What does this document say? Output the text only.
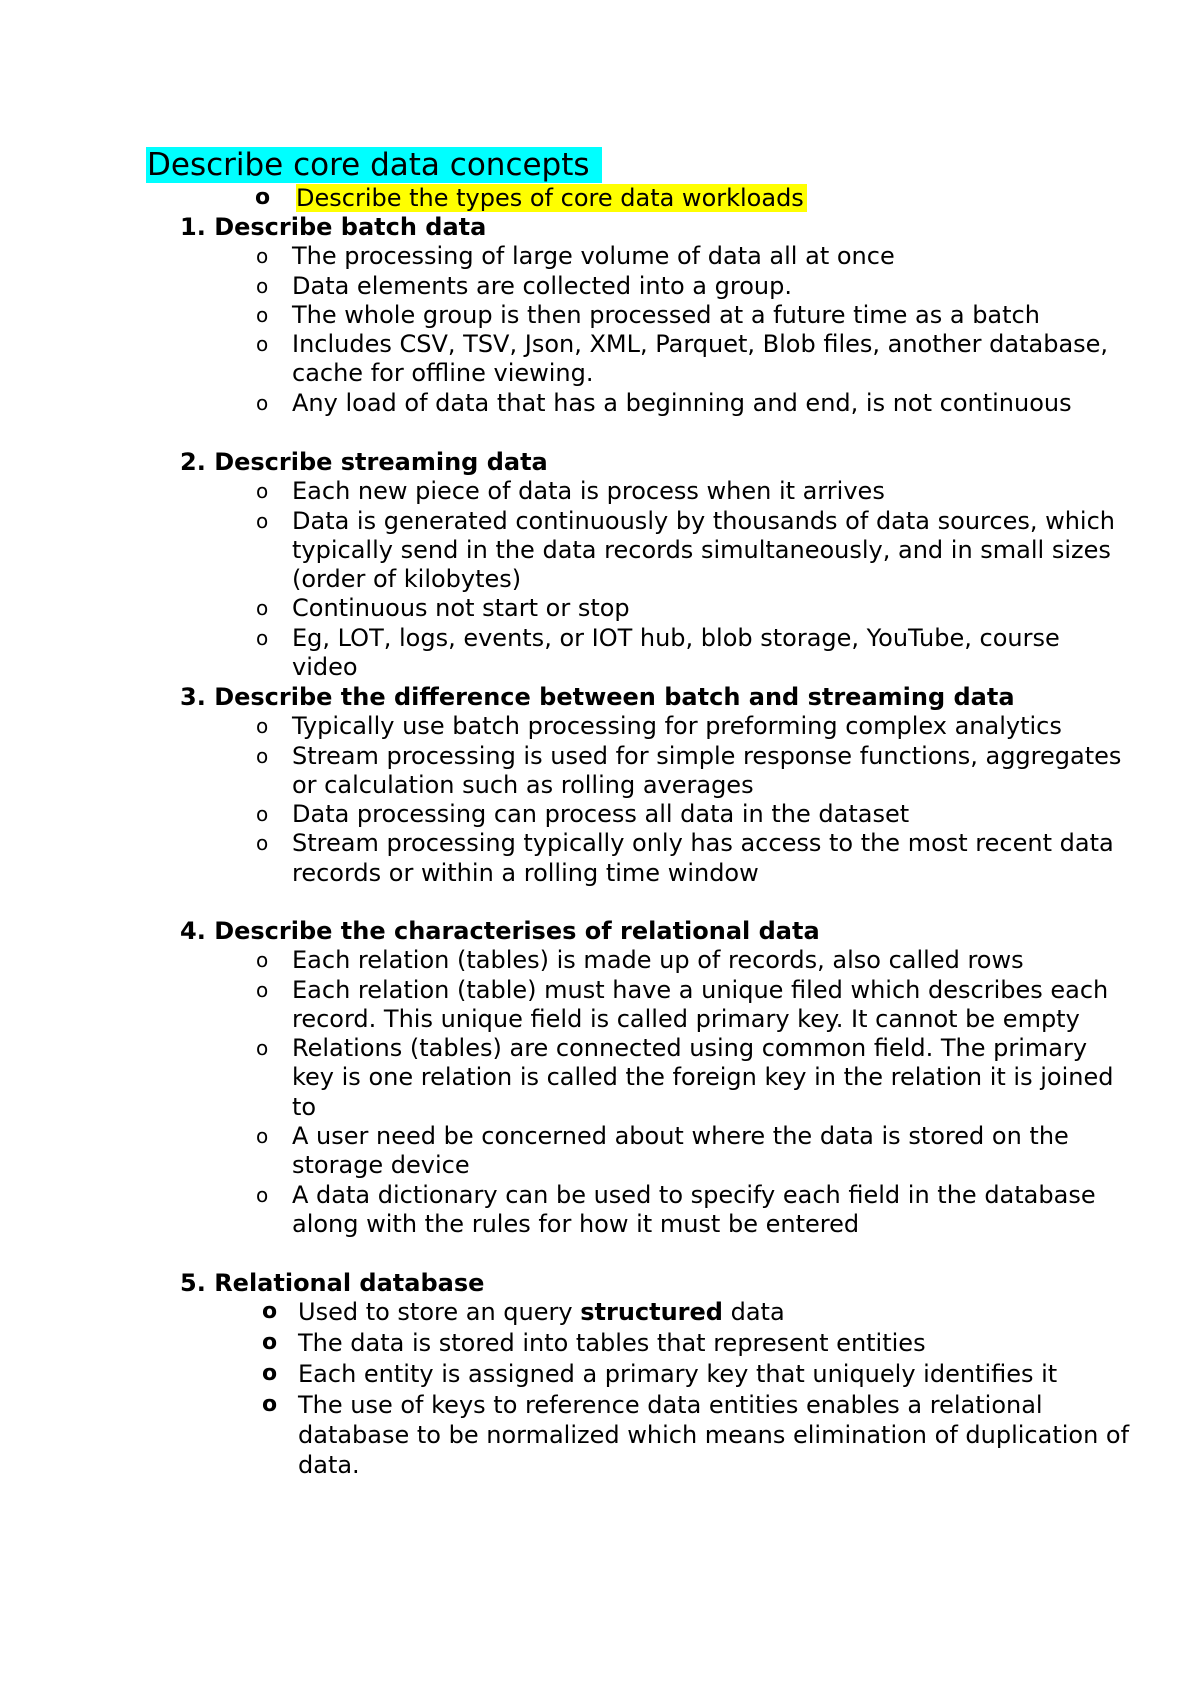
Describe core data concepts
o Describe the types of core data workloads
1. Describe batch data
o The processing of large volume of data all at once
o Data elements are collected into a group.
o The whole group is then processed at a future time as a batch
o Includes CSV, TSV, Json, XML, Parquet, Blob files, another database, cache for offline viewing.
o Any load of data that has a beginning and end, is not continuous
2. Describe streaming data
o Each new piece of data is process when it arrives
o Data is generated continuously by thousands of data sources, which typically send in the data records simultaneously, and in small sizes (order of kilobytes)
o Continuous not start or stop
o Eg, LOT, logs, events, or IOT hub, blob storage, YouTube, course video
3. Describe the difference between batch and streaming data
o Typically use batch processing for preforming complex analytics
o Stream processing is used for simple response functions, aggregates or calculation such as rolling averages
o Data processing can process all data in the dataset
o Stream processing typically only has access to the most recent data records or within a rolling time window
4. Describe the characterises of relational data
o Each relation (tables) is made up of records, also called rows
o Each relation (table) must have a unique filed which describes each record. This unique field is called primary key. It cannot be empty
o Relations (tables) are connected using common field. The primary key is one relation is called the foreign key in the relation it is joined to
o A user need be concerned about where the data is stored on the storage device
o A data dictionary can be used to specify each field in the database along with the rules for how it must be entered
5. Relational database
o Used to store an query structured data
o The data is stored into tables that represent entities
o Each entity is assigned a primary key that uniquely identifies it
o The use of keys to reference data entities enables a relational database to be normalized which means elimination of duplication of data.
